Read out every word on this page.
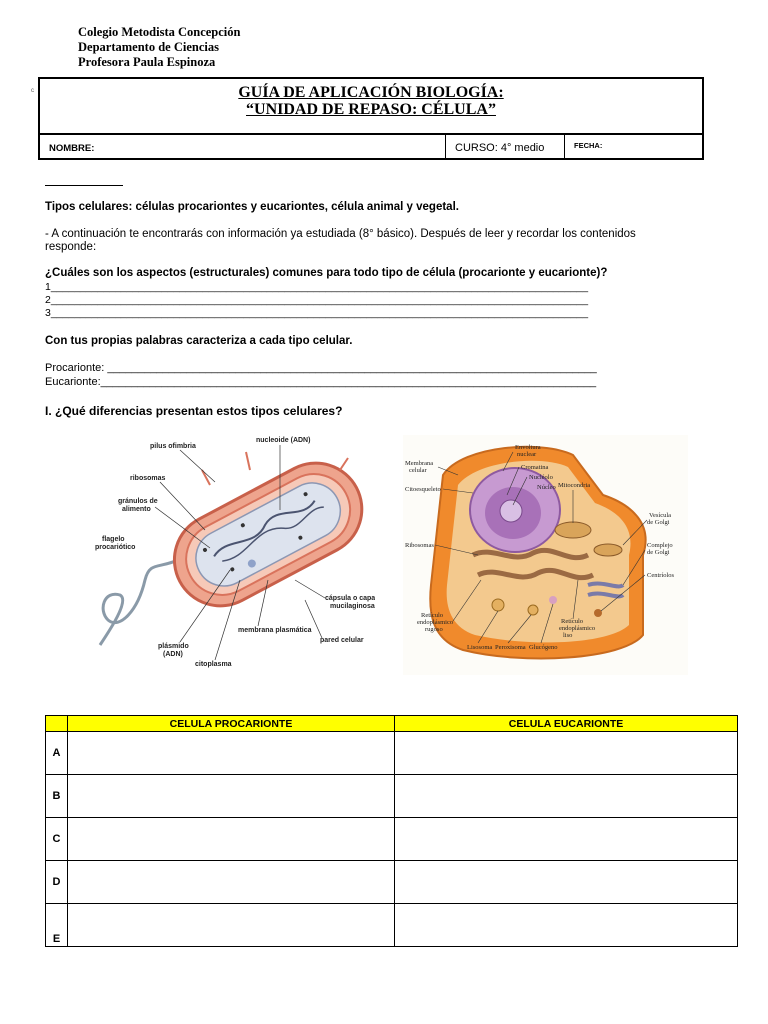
Colegio Metodista Concepción
Departamento de Ciencias
Profesora Paula Espinoza
c	GUÍA DE APLICACIÓN BIOLOGÍA:
“UNIDAD DE REPASO: CÉLULA”
NOMBRE:	CURSO: 4° medio	FECHA:
Tipos celulares: células procariontes y eucariontes, célula animal y vegetal.
- A continuación te encontrarás con información ya estudiada (8° básico). Después de leer y recordar los contenidos
responde:
¿Cuáles son los aspectos (estructurales) comunes para todo tipo de célula (procarionte y eucarionte)?
1____________________________________________________________________________________________
2____________________________________________________________________________________________
3____________________________________________________________________________________________
Con tus propias palabras caracteriza a cada tipo celular.
Procarionte: ________________________________________________________________________________
Eucarionte:_________________________________________________________________________________
I. ¿Qué diferencias presentan estos tipos celulares?
pilus ofimbria
nucleoide (ADN)
ribosomas
gránulos de
alimento
flagelo
procariótico
cápsula o capa
mucilaginosa
membrana plasmática
pared celular
plásmido
(ADN)
citoplasma
Membrana
celular
Envoltura
nuclear
Cromatina
Nucléolo
Núcleo
Citoesqueleto
Mitocondria
Vesícula
de Golgi
Ribosomas	Complejo
de Golgi
Centríolos
Retículo
endoplásmico
rugoso
Lisosoma Peroxisoma Glucógeno
Retículo
endoplásmico
liso
	CELULA PROCARIONTE	CELULA EUCARIONTE
A		
B		
C		
D		
E		
